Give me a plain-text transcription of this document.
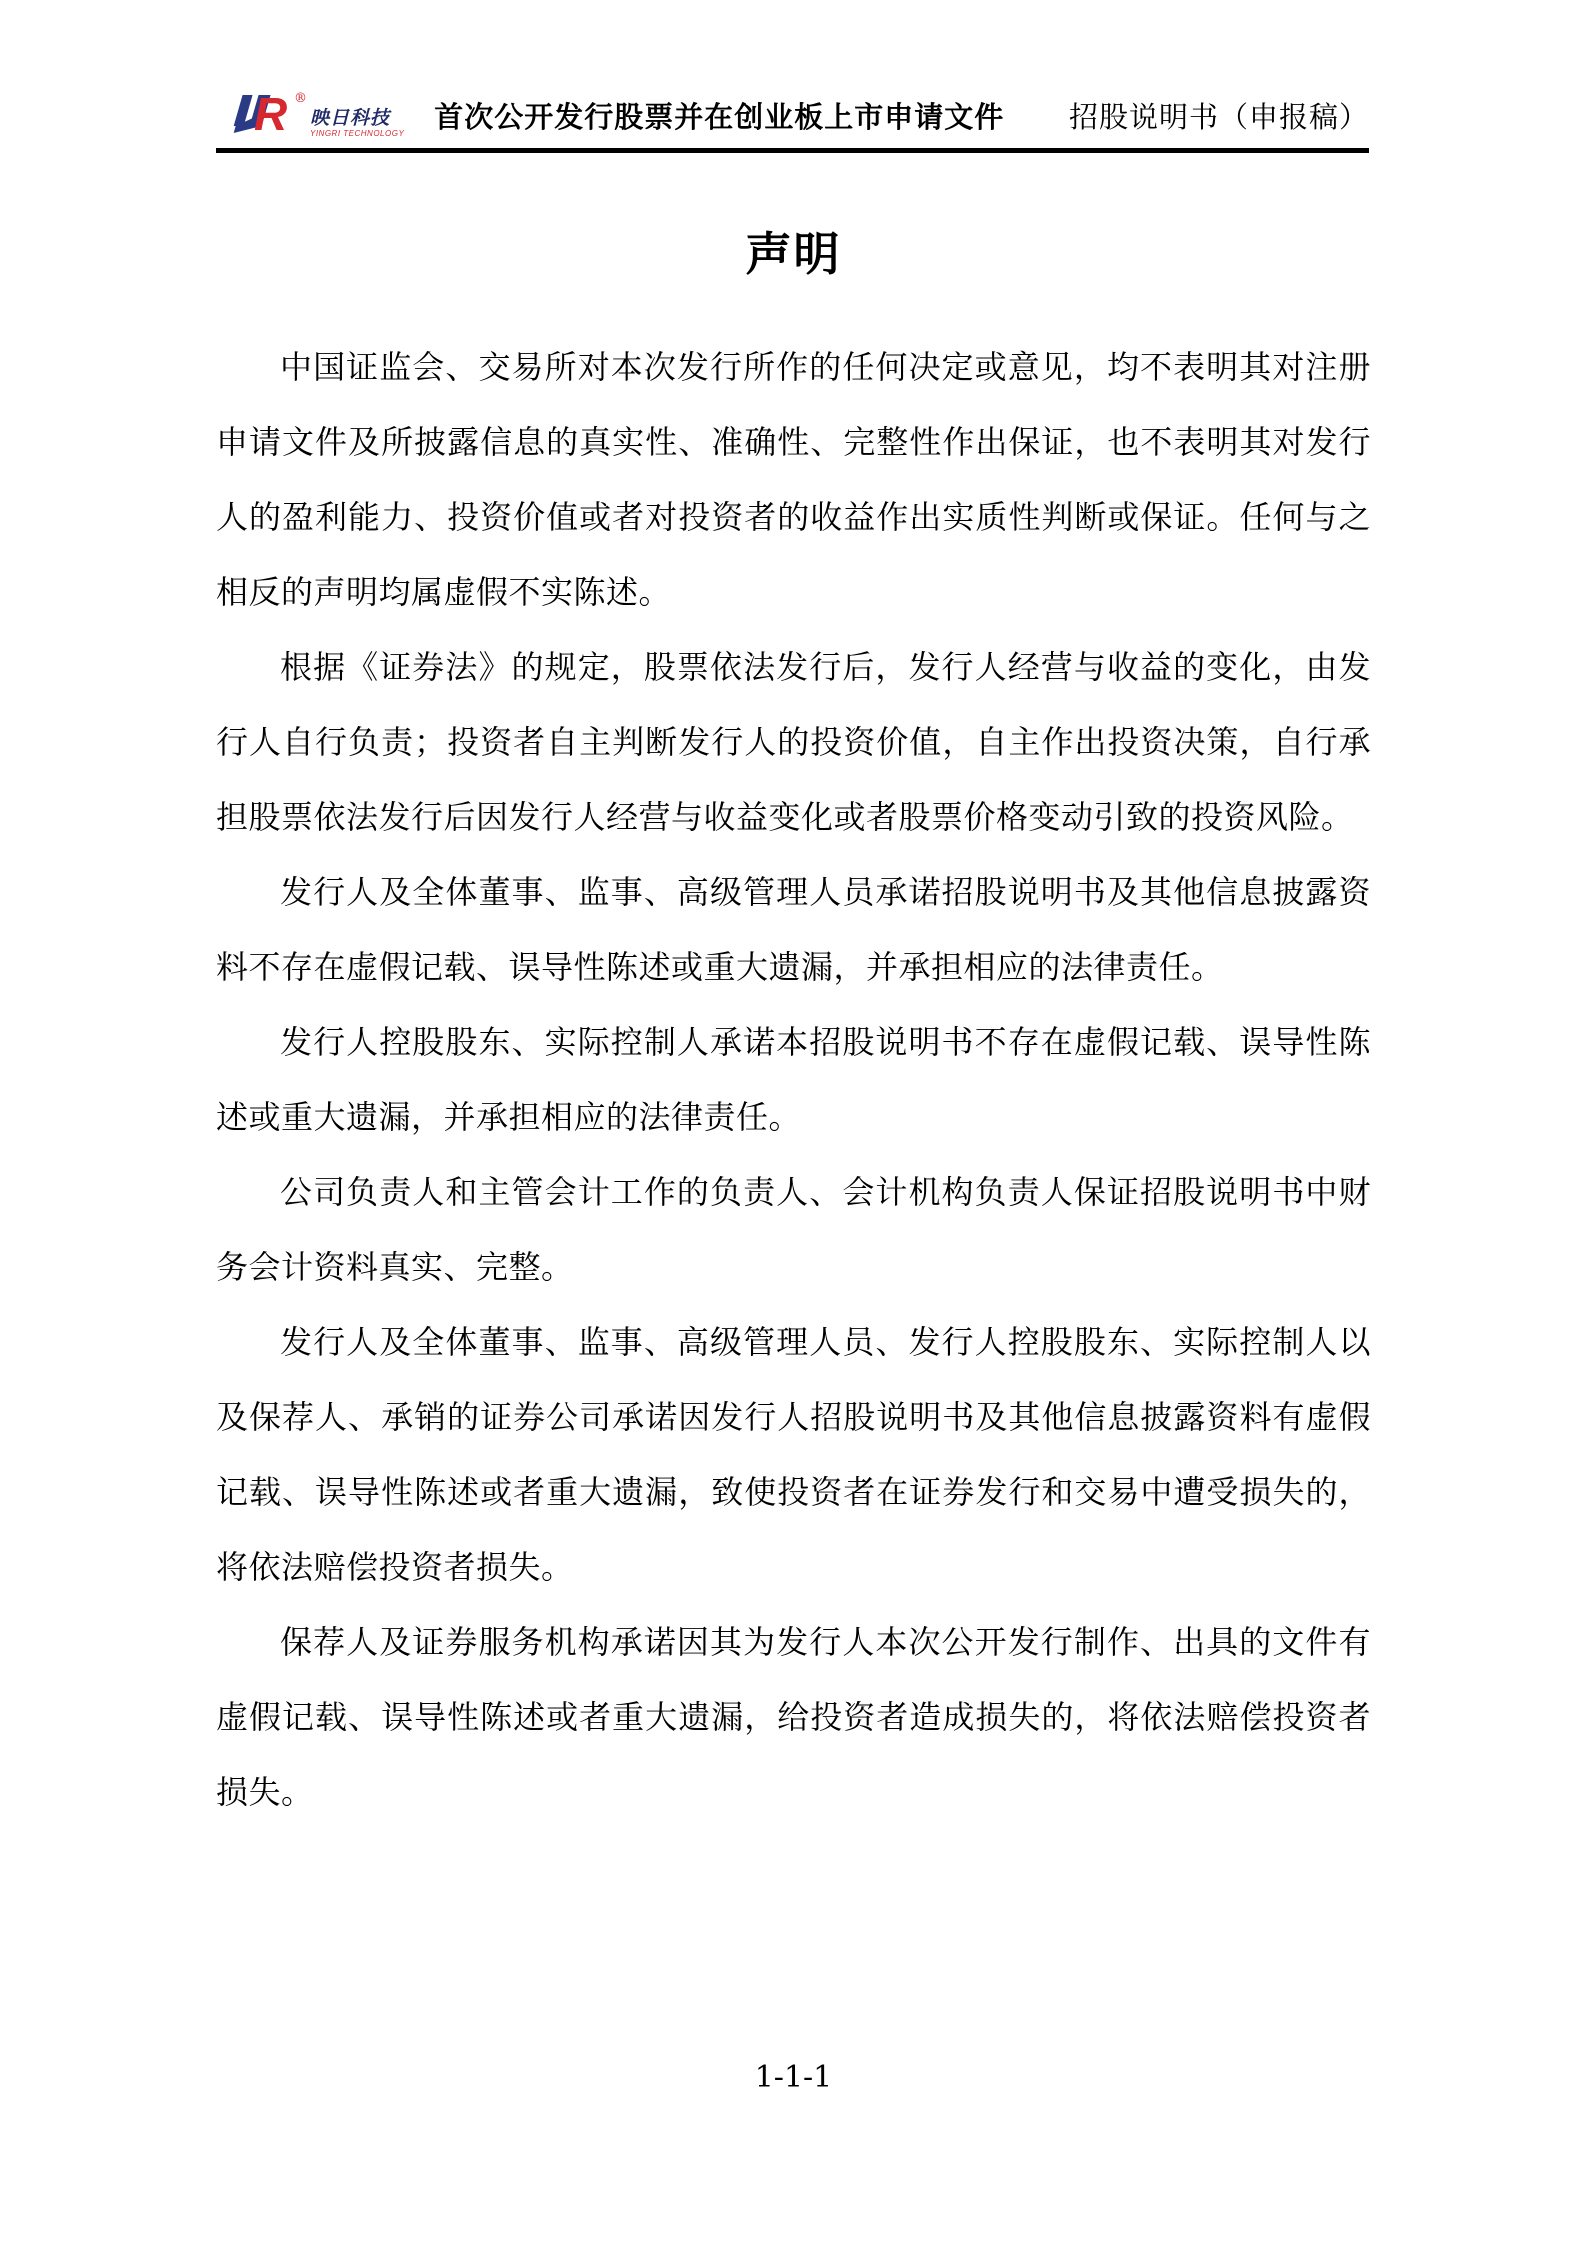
R ®
映日科技
YINGRI TECHNOLOGY 首次公开发行股票并在创业板上市申请文件 招股说明书（申报稿）
声明

中国证监会、交易所对本次发行所作的任何决定或意见，均不表明其对注册申请文件及所披露信息的真实性、准确性、完整性作出保证，也不表明其对发行人的盈利能力、投资价值或者对投资者的收益作出实质性判断或保证。任何与之相反的声明均属虚假不实陈述。

根据《证券法》的规定，股票依法发行后，发行人经营与收益的变化，由发行人自行负责；投资者自主判断发行人的投资价值，自主作出投资决策，自行承担股票依法发行后因发行人经营与收益变化或者股票价格变动引致的投资风险。

发行人及全体董事、监事、高级管理人员承诺招股说明书及其他信息披露资料不存在虚假记载、误导性陈述或重大遗漏，并承担相应的法律责任。

发行人控股股东、实际控制人承诺本招股说明书不存在虚假记载、误导性陈述或重大遗漏，并承担相应的法律责任。

公司负责人和主管会计工作的负责人、会计机构负责人保证招股说明书中财务会计资料真实、完整。

发行人及全体董事、监事、高级管理人员、发行人控股股东、实际控制人以及保荐人、承销的证券公司承诺因发行人招股说明书及其他信息披露资料有虚假记载、误导性陈述或者重大遗漏，致使投资者在证券发行和交易中遭受损失的，将依法赔偿投资者损失。

保荐人及证券服务机构承诺因其为发行人本次公开发行制作、出具的文件有虚假记载、误导性陈述或者重大遗漏，给投资者造成损失的，将依法赔偿投资者损失。

1-1-1
